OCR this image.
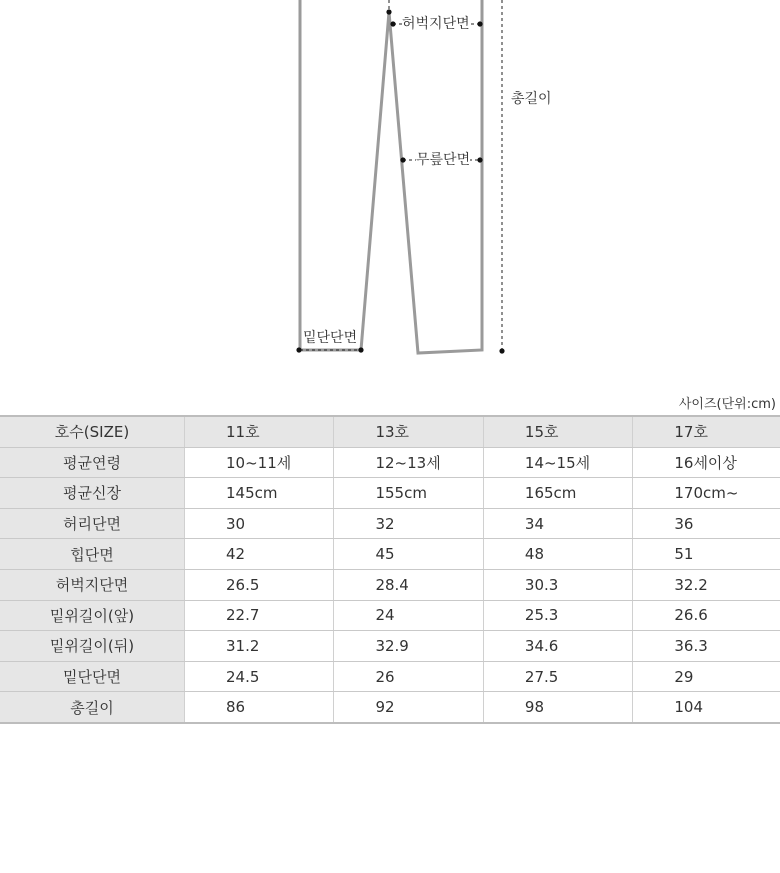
허벅지단면
무릎단면
밑단단면
총길이
사이즈(단위:cm)
호수(SIZE)	11호	13호	15호	17호
평균연령	10~11세	12~13세	14~15세	16세이상
평균신장	145cm	155cm	165cm	170cm~
허리단면	30	32	34	36
힙단면	42	45	48	51
허벅지단면	26.5	28.4	30.3	32.2
밑위길이(앞)	22.7	24	25.3	26.6
밑위길이(뒤)	31.2	32.9	34.6	36.3
밑단단면	24.5	26	27.5	29
총길이	86	92	98	104
